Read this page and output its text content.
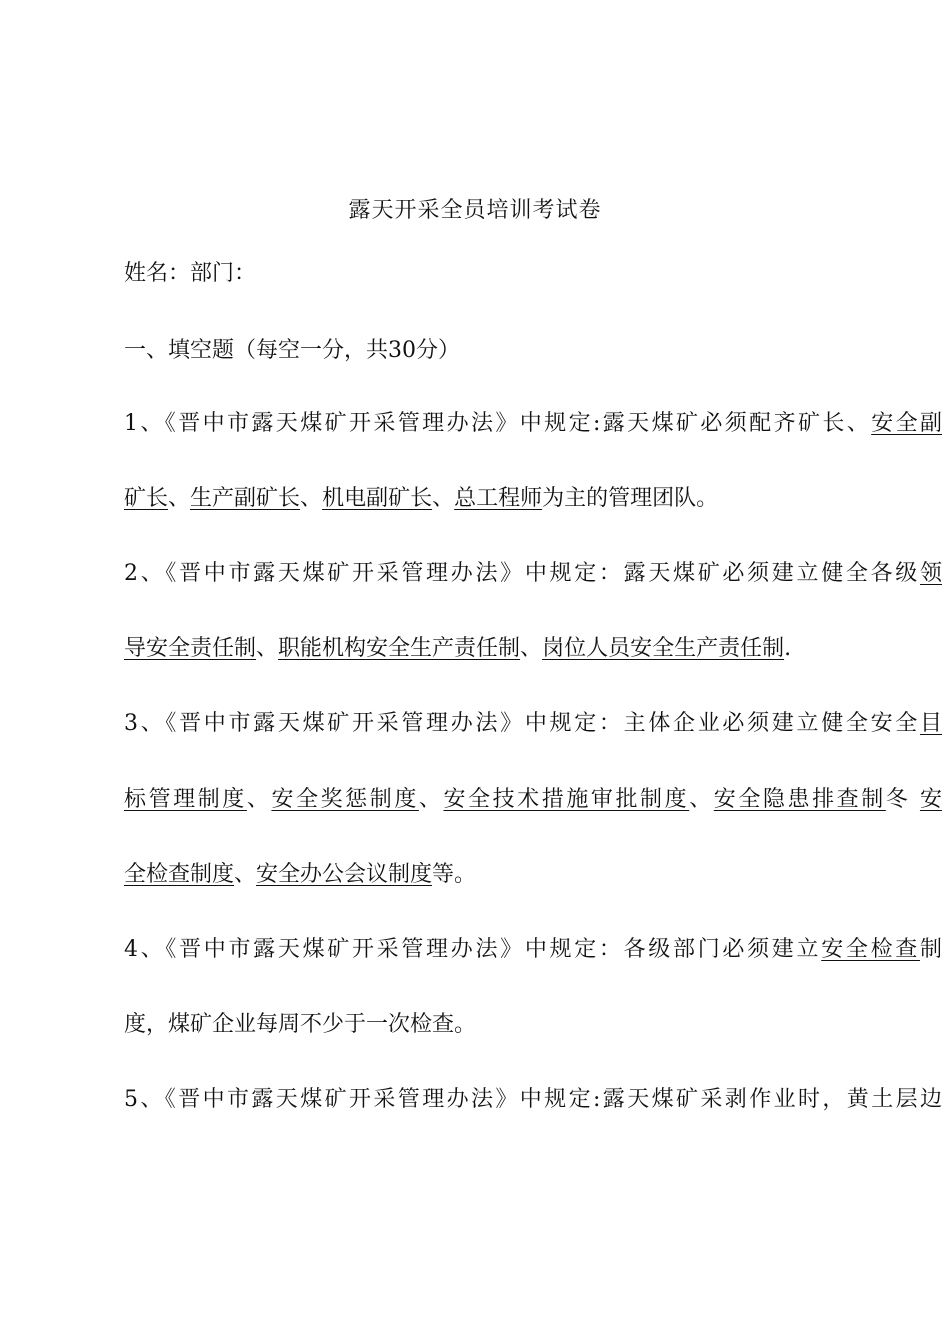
露天开采全员培训考试卷

姓名：部门：

一、填空题（每空一分，共30分）

1、《晋中市露天煤矿开采管理办法》中规定:露天煤矿必须配齐矿长、安全副

矿长、生产副矿长、机电副矿长、总工程师为主的管理团队。

2、《晋中市露天煤矿开采管理办法》中规定：露天煤矿必须建立健全各级领

导安全责任制、职能机构安全生产责任制、岗位人员安全生产责任制.

3、《晋中市露天煤矿开采管理办法》中规定：主体企业必须建立健全安全目

标管理制度、安全奖惩制度、安全技术措施审批制度、安全隐患排查制冬 安

全检查制度、安全办公会议制度等。

4、《晋中市露天煤矿开采管理办法》中规定：各级部门必须建立安全检查制

度，煤矿企业每周不少于一次检查。

5、《晋中市露天煤矿开采管理办法》中规定:露天煤矿采剥作业时，黄土层边
